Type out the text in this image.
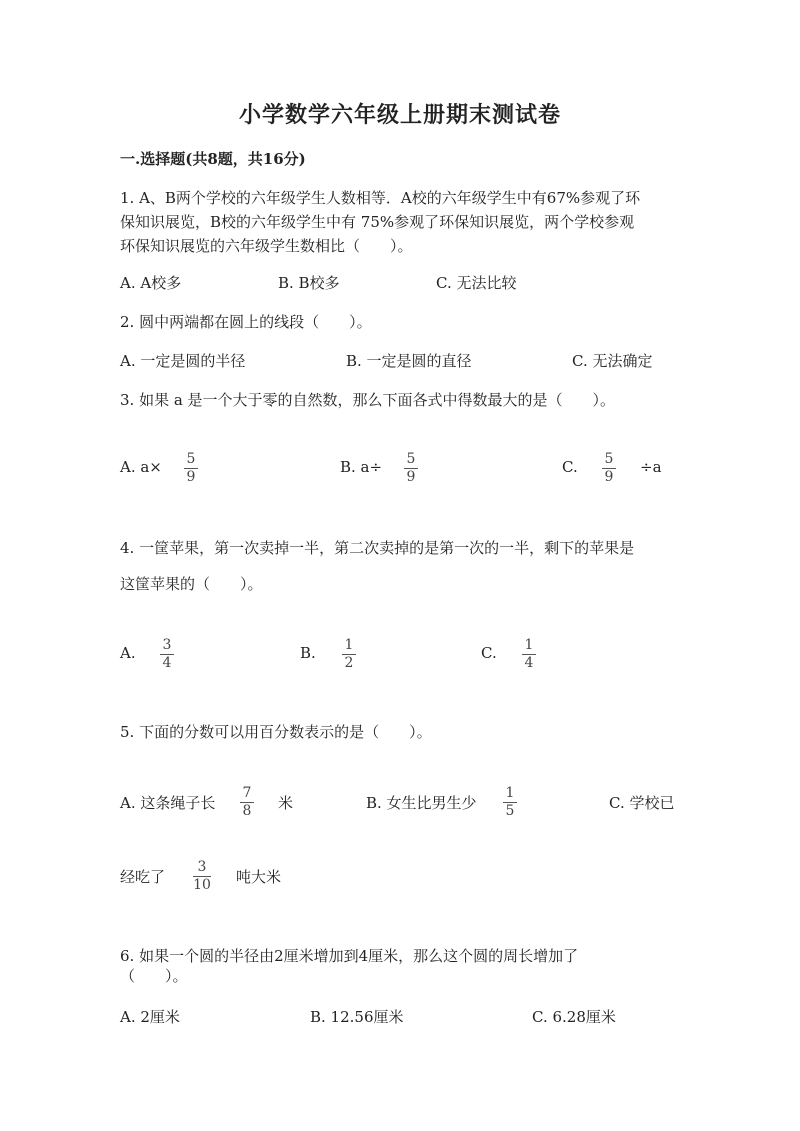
小学数学六年级上册期末测试卷
一.选择题(共8题，共16分)
1. A、B两个学校的六年级学生人数相等．A校的六年级学生中有67%参观了环
保知识展览，B校的六年级学生中有 75%参观了环保知识展览，两个学校参观
环保知识展览的六年级学生数相比（　　）。
A. A校多	B. B校多	C. 无法比较
2. 圆中两端都在圆上的线段（　　）。
A. 一定是圆的半径	B. 一定是圆的直径	C. 无法确定
3. 如果 a 是一个大于零的自然数，那么下面各式中得数最大的是（　　）。
A. a× 5
9
B. a÷ 5
9
C. 5
9
÷a
4. 一筐苹果，第一次卖掉一半，第二次卖掉的是第一次的一半，剩下的苹果是
这筐苹果的（　　）。
A. 3
4
B. 1
2
C. 1
4
5. 下面的分数可以用百分数表示的是（　　）。
A. 这条绳子长
7
8 米	B. 女生比男生少
1
5	C. 学校已
经吃了
3
10 吨大米
6. 如果一个圆的半径由2厘米增加到4厘米，那么这个圆的周长增加了
（　　）。
A. 2厘米	B. 12.56厘米	C. 6.28厘米
